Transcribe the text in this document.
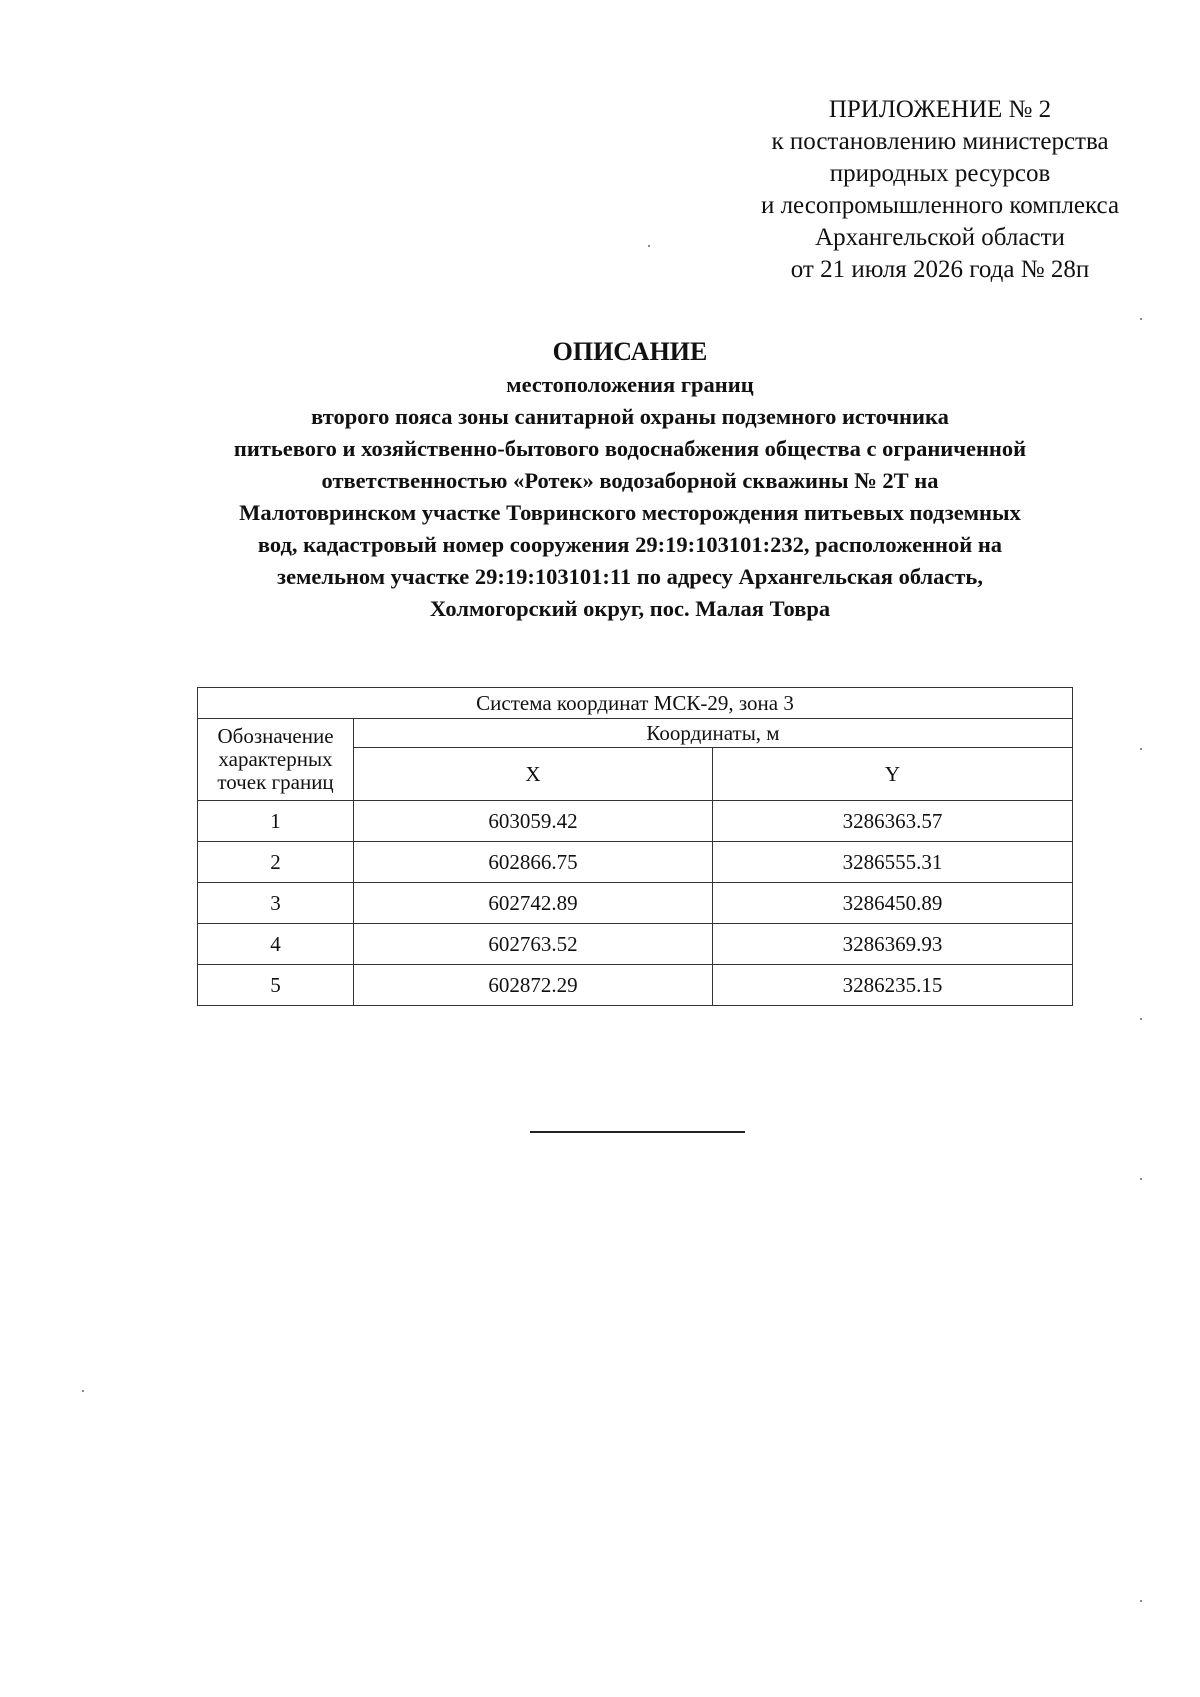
ПРИЛОЖЕНИЕ № 2
к постановлению министерства
природных ресурсов
и лесопромышленного комплекса
Архангельской области
от 21 июля 2026 года № 28п
ОПИСАНИЕ
местоположения границ
второго пояса зоны санитарной охраны подземного источника
питьевого и хозяйственно-бытового водоснабжения общества с ограниченной
ответственностью «Ротек» водозаборной скважины № 2Т на
Малотовринском участке Товринского месторождения питьевых подземных
вод, кадастровый номер сооружения 29:19:103101:232, расположенной на
земельном участке 29:19:103101:11 по адресу Архангельская область,
Холмогорский округ, пос. Малая Товра
Система координат МСК-29, зона 3		
Обозначение характерных точек границ	Координаты, м	
	X	Y
1	603059.42	3286363.57
2	602866.75	3286555.31
3	602742.89	3286450.89
4	602763.52	3286369.93
5	602872.29	3286235.15
